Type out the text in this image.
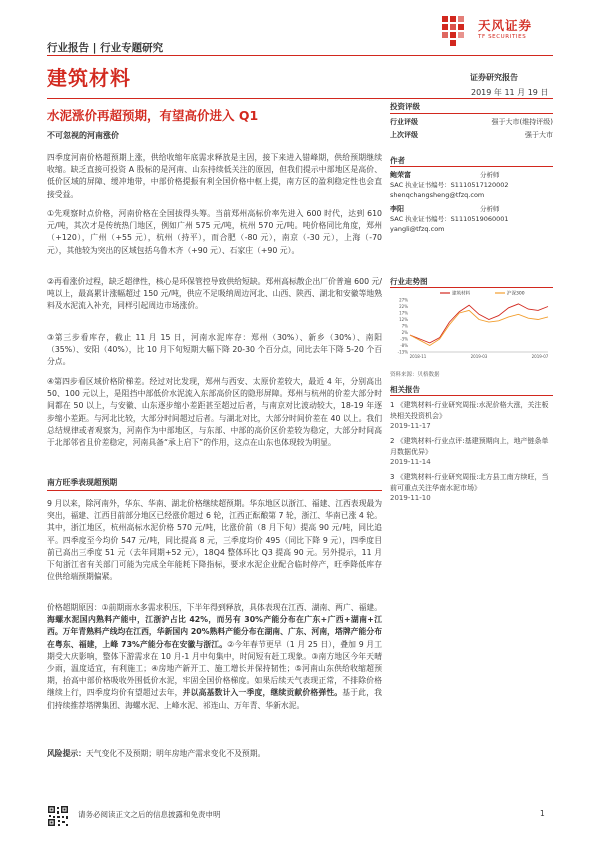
行业报告 | 行业专题研究
天风证券
TF SECURITIES
建筑材料	证券研究报告
2019 年 11 月 19 日
水泥涨价再超预期，有望高价进入 Q1
不可忽视的河南涨价
四季度河南价格超预期上涨，供给收缩年底需求释放是主因，接下来进入错峰期，供给预期继续收缩。缺乏直接可投资 A 股标的是河南、山东持续低关注的原因，但我们提示中部地区是高价、低价区域的屏障、缓冲地带，中部价格提振有利全国价格中枢上提，南方区的盈利稳定性也会直接受益。
①先观察时点价格，河南价格在全国拔得头筹。当前郑州高标价率先进入 600 时代，达到 610 元/吨，其次才是传统热门地区，例如广州 575 元/吨，杭州 570 元/吨。吨价格同比角度，郑州（+120），广州（+55 元），杭州（持平），而合肥（-80 元），南京（-30 元），上海（-70 元），其他较为突出的区域包括乌鲁木齐（+90 元）、石家庄（+90 元）。
②再看涨价过程，缺乏超律性，核心是环保管控导致供给短缺。郑州高标散企出厂价普遍 600 元/吨以上，最高累计涨幅超过 150 元/吨，供应不足吸纳周边河北、山西、陕西、湖北和安徽等地熟料及水泥流入补充，同样引起周边市场涨价。
③第三步看库存，截止 11 月 15 日，河南水泥库存：郑州（30%）、新乡（30%）、南阳（35%）、安阳（40%），比 10 月下旬短期大幅下降 20-30 个百分点，同比去年下降 5-20 个百分点。
④第四步看区域价格阶梯差。经过对比发现，郑州与西安、太原价差较大，最近 4 年，分别高出 50、100 元以上，是阻挡中部低价水泥流入东部高价区的隐形屏障。郑州与杭州的价差大部分时间都在 50 以上，与安徽、山东逐步缩小差距甚至超过后者，与南京对比波动较大，18-19 年逐步缩小差距。与河北比较，大部分时间超过后者。与湖北对比，大部分时间价差在 40 以上。我们总结规律或者观察为，河南作为中部地区，与东部、中部的高价区价差较为稳定，大部分时间高于北部邻省且价差稳定，河南具备“承上启下”的作用，这点在山东也体现较为明显。
南方旺季表现超预期
9 月以来，除河南外，华东、华南、湖北价格继续超预期。华东地区以浙江、福建、江西表现最为突出，福建、江西目前部分地区已经涨价超过 6 轮，江西正酝酿第 7 轮，浙江、华南已涨 4 轮。其中，浙江地区，杭州高标水泥价格 570 元/吨，比涨价前（8 月下旬）提高 90 元/吨，同比追平。四季度至今均价 547 元/吨，同比提高 8 元，三季度均价 495（同比下降 9 元），四季度目前已高出三季度 51 元（去年同期+52 元），18Q4 整体环比 Q3 提高 90 元。另外提示，11 月下旬浙江省有关部门可能为完成全年能耗下降指标，要求水泥企业配合临时停产，旺季降低库存位供给端预期偏紧。
价格超期原因：①前期雨水多需求积压，下半年得到释放，具体表现在江西、湖南、两广、福建。海螺水泥国内熟料产能中，江浙沪占比 42%，而另有 30%产能分布在广东+广西+湖南+江西。万年青熟料产线均在江西，华新国内 20%熟料产能分布在湖南、广东、河南，塔牌产能分布在粤东、福建，上峰 73%产能分布在安徽与浙江。②今年春节更早（1 月 25 日），叠加 9 月工期受大庆影响，整体下游需求在 10 月-1 月中旬集中，时间短有赶工现象。③南方地区今年天晴少雨，温度适宜，有利施工；④房地产新开工、施工增长并保持韧性；⑤河南山东供给收缩超预期，抬高中部价格吸收外围低价水泥，牢固全国价格梯度。如果后续天气表现正常，不排除价格继续上行，四季度均价有望超过去年，并以高基数计入一季度，继续贡献价格弹性。基于此，我们持续推荐塔牌集团、海螺水泥、上峰水泥、祁连山、万年青、华新水泥。
风险提示：天气变化不及预期；明年房地产需求变化不及预期。
投资评级
行业评级	强于大市(维持评级)
上次评级	强于大市
作者
鲍荣富	分析师
SAC 执业证书编号：S1110517120002
shenqchangsheng@tfzq.com
李阳	分析师
SAC 执业证书编号：S1110519060001
yangli@tfzq.com
行业走势图
-13%
-8%
-3%
2%
7%
12%
17%
22%
27%
2018-11	2019-03	2019-07
建筑材料	沪深300
资料来源：贝格数据
相关报告
1 《建筑材料-行业研究周报:水泥价格大涨，关注板块相关投资机会》
2019-11-17
2 《建筑材料-行业点评:基建预期向上，地产链条单月数据优异》
2019-11-14
3 《建筑材料-行业研究周报:北方县工南方续旺，当前可重点关注华南水泥市场》
2019-11-10
请务必阅读正文之后的信息披露和免责申明	1
